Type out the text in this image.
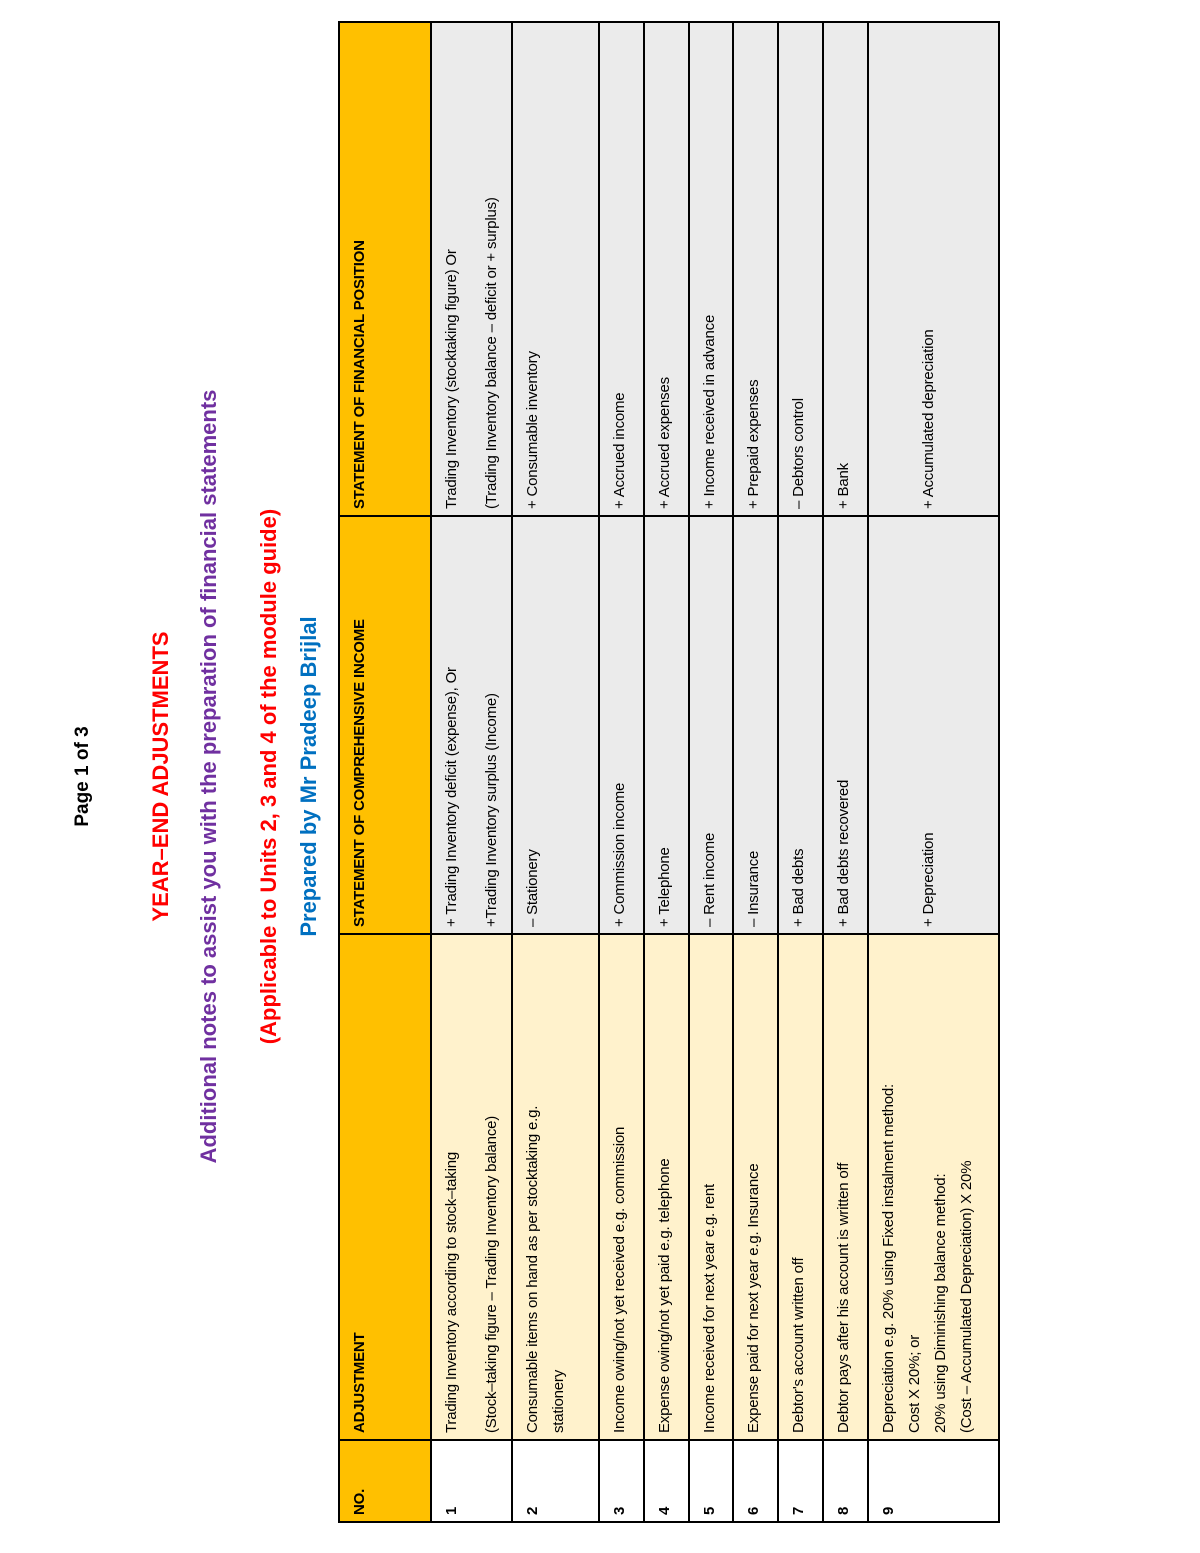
Page 1 of 3	YEAR–END ADJUSTMENTS Additional notes to assist you with the preparation of financial statements (Applicable to Units 2, 3 and 4 of the module guide) Prepared by Mr Pradeep Brijlal
NO.	ADJUSTMENT	STATEMENT OF COMPREHENSIVE INCOME	STATEMENT OF FINANCIAL POSITION
1	Trading Inventory according to stock–taking (Stock–taking figure – Trading Inventory balance)	+ Trading Inventory deficit (expense), Or +Trading Inventory surplus (Income)	Trading Inventory (stocktaking figure) Or (Trading Inventory balance – deficit or + surplus)

2	Consumable items on hand as per stocktaking e.g. stationery	– Stationery	+ Consumable inventory

3	Income owing/not yet received e.g. commission	+ Commission income	+ Accrued income

4	Expense owing/not yet paid e.g. telephone	+ Telephone	+ Accrued expenses

5	Income received for next year e.g. rent	– Rent income	+ Income received in advance

6	Expense paid for next year e.g. Insurance	– Insurance	+ Prepaid expenses

7	Debtor's account written off	+ Bad debts	– Debtors control

8	Debtor pays after his account is written off	+ Bad debts recovered	+ Bank

9	Depreciation e.g. 20% using Fixed instalment method: Cost X 20%; or 20% using Diminishing balance method: (Cost – Accumulated Depreciation) X 20%	+ Depreciation	+ Accumulated depreciation
